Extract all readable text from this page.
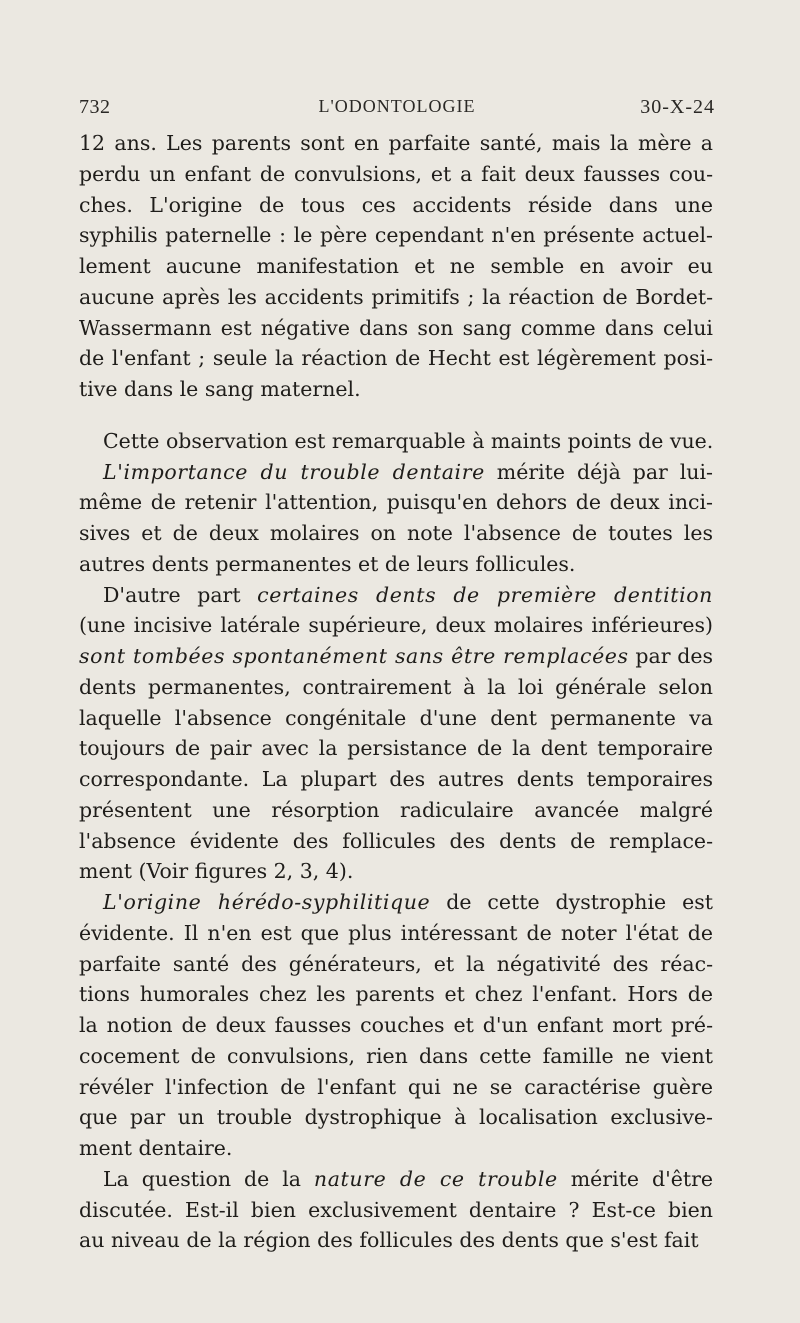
732	L'ODONTOLOGIE	30-X-24
12 ans. Les parents sont en parfaite santé, mais la mère a
perdu un enfant de convulsions, et a fait deux fausses cou-
ches. L'origine de tous ces accidents réside dans une
syphilis paternelle : le père cependant n'en présente actuel-
lement aucune manifestation et ne semble en avoir eu
aucune après les accidents primitifs ; la réaction de Bordet-
Wassermann est négative dans son sang comme dans celui
de l'enfant ; seule la réaction de Hecht est légèrement posi-
tive dans le sang maternel.
Cette observation est remarquable à maints points de vue.
L'importance du trouble dentaire mérite déjà par lui-
même de retenir l'attention, puisqu'en dehors de deux inci-
sives et de deux molaires on note l'absence de toutes les
autres dents permanentes et de leurs follicules.
D'autre part certaines dents de première dentition
(une incisive latérale supérieure, deux molaires inférieures)
sont tombées spontanément sans être remplacées par des
dents permanentes, contrairement à la loi générale selon
laquelle l'absence congénitale d'une dent permanente va
toujours de pair avec la persistance de la dent temporaire
correspondante. La plupart des autres dents temporaires
présentent une résorption radiculaire avancée malgré
l'absence évidente des follicules des dents de remplace-
ment (Voir figures 2, 3, 4).
L'origine hérédo-syphilitique de cette dystrophie est
évidente. Il n'en est que plus intéressant de noter l'état de
parfaite santé des générateurs, et la négativité des réac-
tions humorales chez les parents et chez l'enfant. Hors de
la notion de deux fausses couches et d'un enfant mort pré-
cocement de convulsions, rien dans cette famille ne vient
révéler l'infection de l'enfant qui ne se caractérise guère
que par un trouble dystrophique à localisation exclusive-
ment dentaire.
La question de la nature de ce trouble mérite d'être
discutée. Est-il bien exclusivement dentaire ? Est-ce bien
au niveau de la région des follicules des dents que s'est fait
